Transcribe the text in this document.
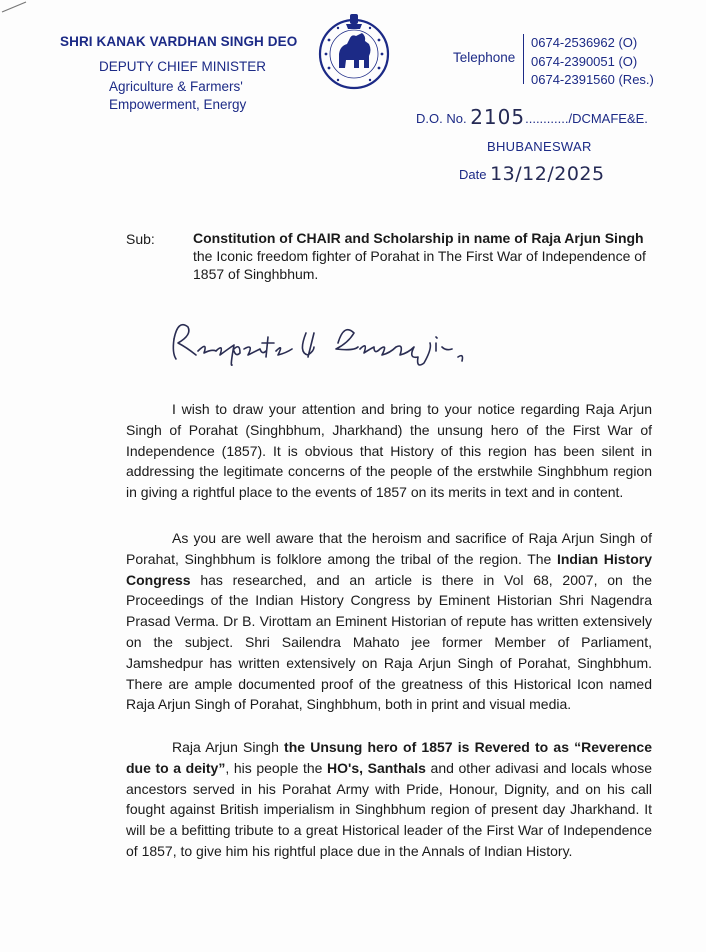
SHRI KANAK VARDHAN SINGH DEO
DEPUTY CHIEF MINISTER
Agriculture & Farmers'
Empowerment, Energy
Telephone
0674-2536962 (O)
0674-2390051 (O)
0674-2391560 (Res.)
D.O. No. 2105............/DCMAFE&E.
BHUBANESWAR
Date 13/12/2025
Sub:	Constitution of CHAIR and Scholarship in name of Raja Arjun Singh the Iconic freedom fighter of Porahat in The First War of Independence of 1857 of Singhbhum.
I wish to draw your attention and bring to your notice regarding Raja Arjun Singh of Porahat (Singhbhum, Jharkhand) the unsung hero of the First War of Independence (1857). It is obvious that History of this region has been silent in addressing the legitimate concerns of the people of the erstwhile Singhbhum region in giving a rightful place to the events of 1857 on its merits in text and in content.
As you are well aware that the heroism and sacrifice of Raja Arjun Singh of Porahat, Singhbhum is folklore among the tribal of the region. The Indian History Congress has researched, and an article is there in Vol 68, 2007, on the Proceedings of the Indian History Congress by Eminent Historian Shri Nagendra Prasad Verma. Dr B. Virottam an Eminent Historian of repute has written extensively on the subject. Shri Sailendra Mahato jee former Member of Parliament, Jamshedpur has written extensively on Raja Arjun Singh of Porahat, Singhbhum. There are ample documented proof of the greatness of this Historical Icon named Raja Arjun Singh of Porahat, Singhbhum, both in print and visual media.
Raja Arjun Singh the Unsung hero of 1857 is Revered to as “Reverence due to a deity”, his people the HO's, Santhals and other adivasi and locals whose ancestors served in his Porahat Army with Pride, Honour, Dignity, and on his call fought against British imperialism in Singhbhum region of present day Jharkhand. It will be a befitting tribute to a great Historical leader of the First War of Independence of 1857, to give him his rightful place due in the Annals of Indian History.
